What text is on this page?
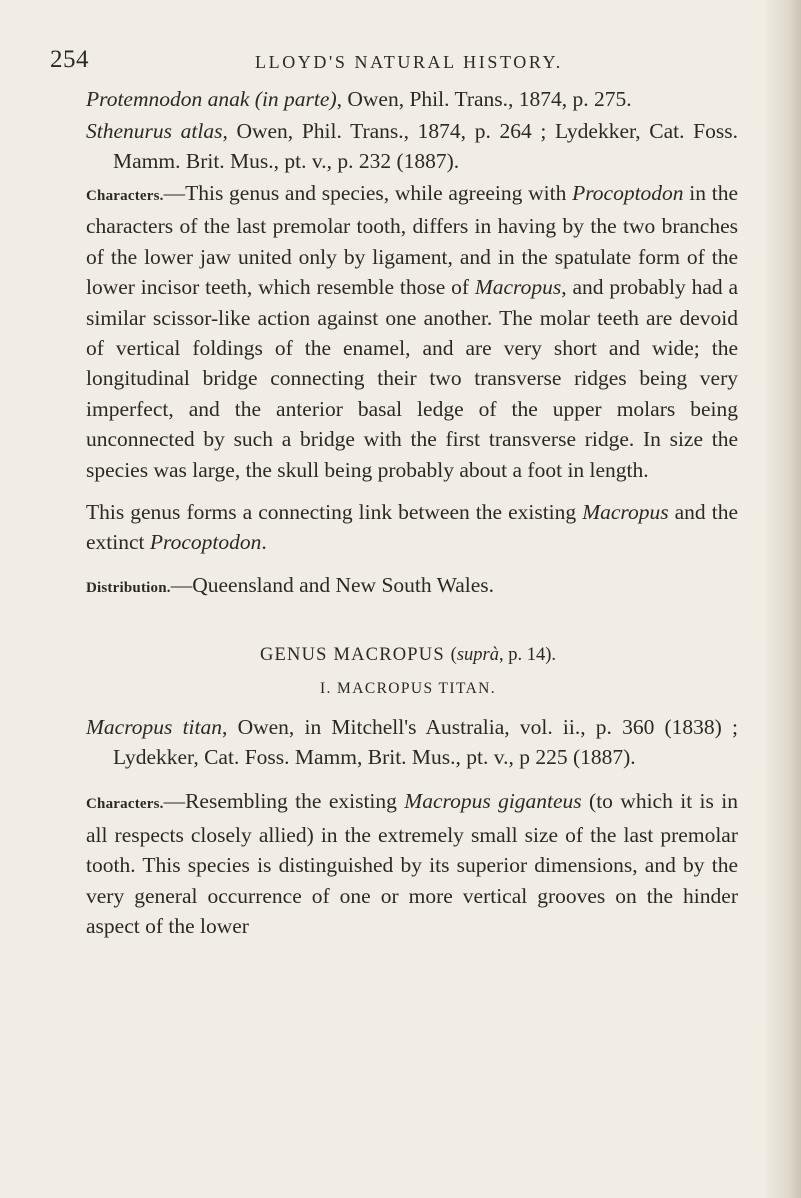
254	LLOYD'S NATURAL HISTORY.

Protemnodon anak (in parte), Owen, Phil. Trans., 1874, p. 275.

Sthenurus atlas, Owen, Phil. Trans., 1874, p. 264 ; Lydekker, Cat. Foss. Mamm. Brit. Mus., pt. v., p. 232 (1887).

Characters.—This genus and species, while agreeing with Procoptodon in the characters of the last premolar tooth, differs in having by the two branches of the lower jaw united only by ligament, and in the spatulate form of the lower incisor teeth, which resemble those of Macropus, and probably had a similar scissor-like action against one another. The molar teeth are devoid of vertical foldings of the enamel, and are very short and wide; the longitudinal bridge connecting their two transverse ridges being very imperfect, and the anterior basal ledge of the upper molars being unconnected by such a bridge with the first transverse ridge. In size the species was large, the skull being probably about a foot in length.

This genus forms a connecting link between the existing Macropus and the extinct Procoptodon.

Distribution.—Queensland and New South Wales.

GENUS MACROPUS (suprà, p. 14).
I. MACROPUS TITAN.

Macropus titan, Owen, in Mitchell's Australia, vol. ii., p. 360 (1838) ; Lydekker, Cat. Foss. Mamm, Brit. Mus., pt. v., p 225 (1887).

Characters.—Resembling the existing Macropus giganteus (to which it is in all respects closely allied) in the extremely small size of the last premolar tooth. This species is distinguished by its superior dimensions, and by the very general occurrence of one or more vertical grooves on the hinder aspect of the lower
